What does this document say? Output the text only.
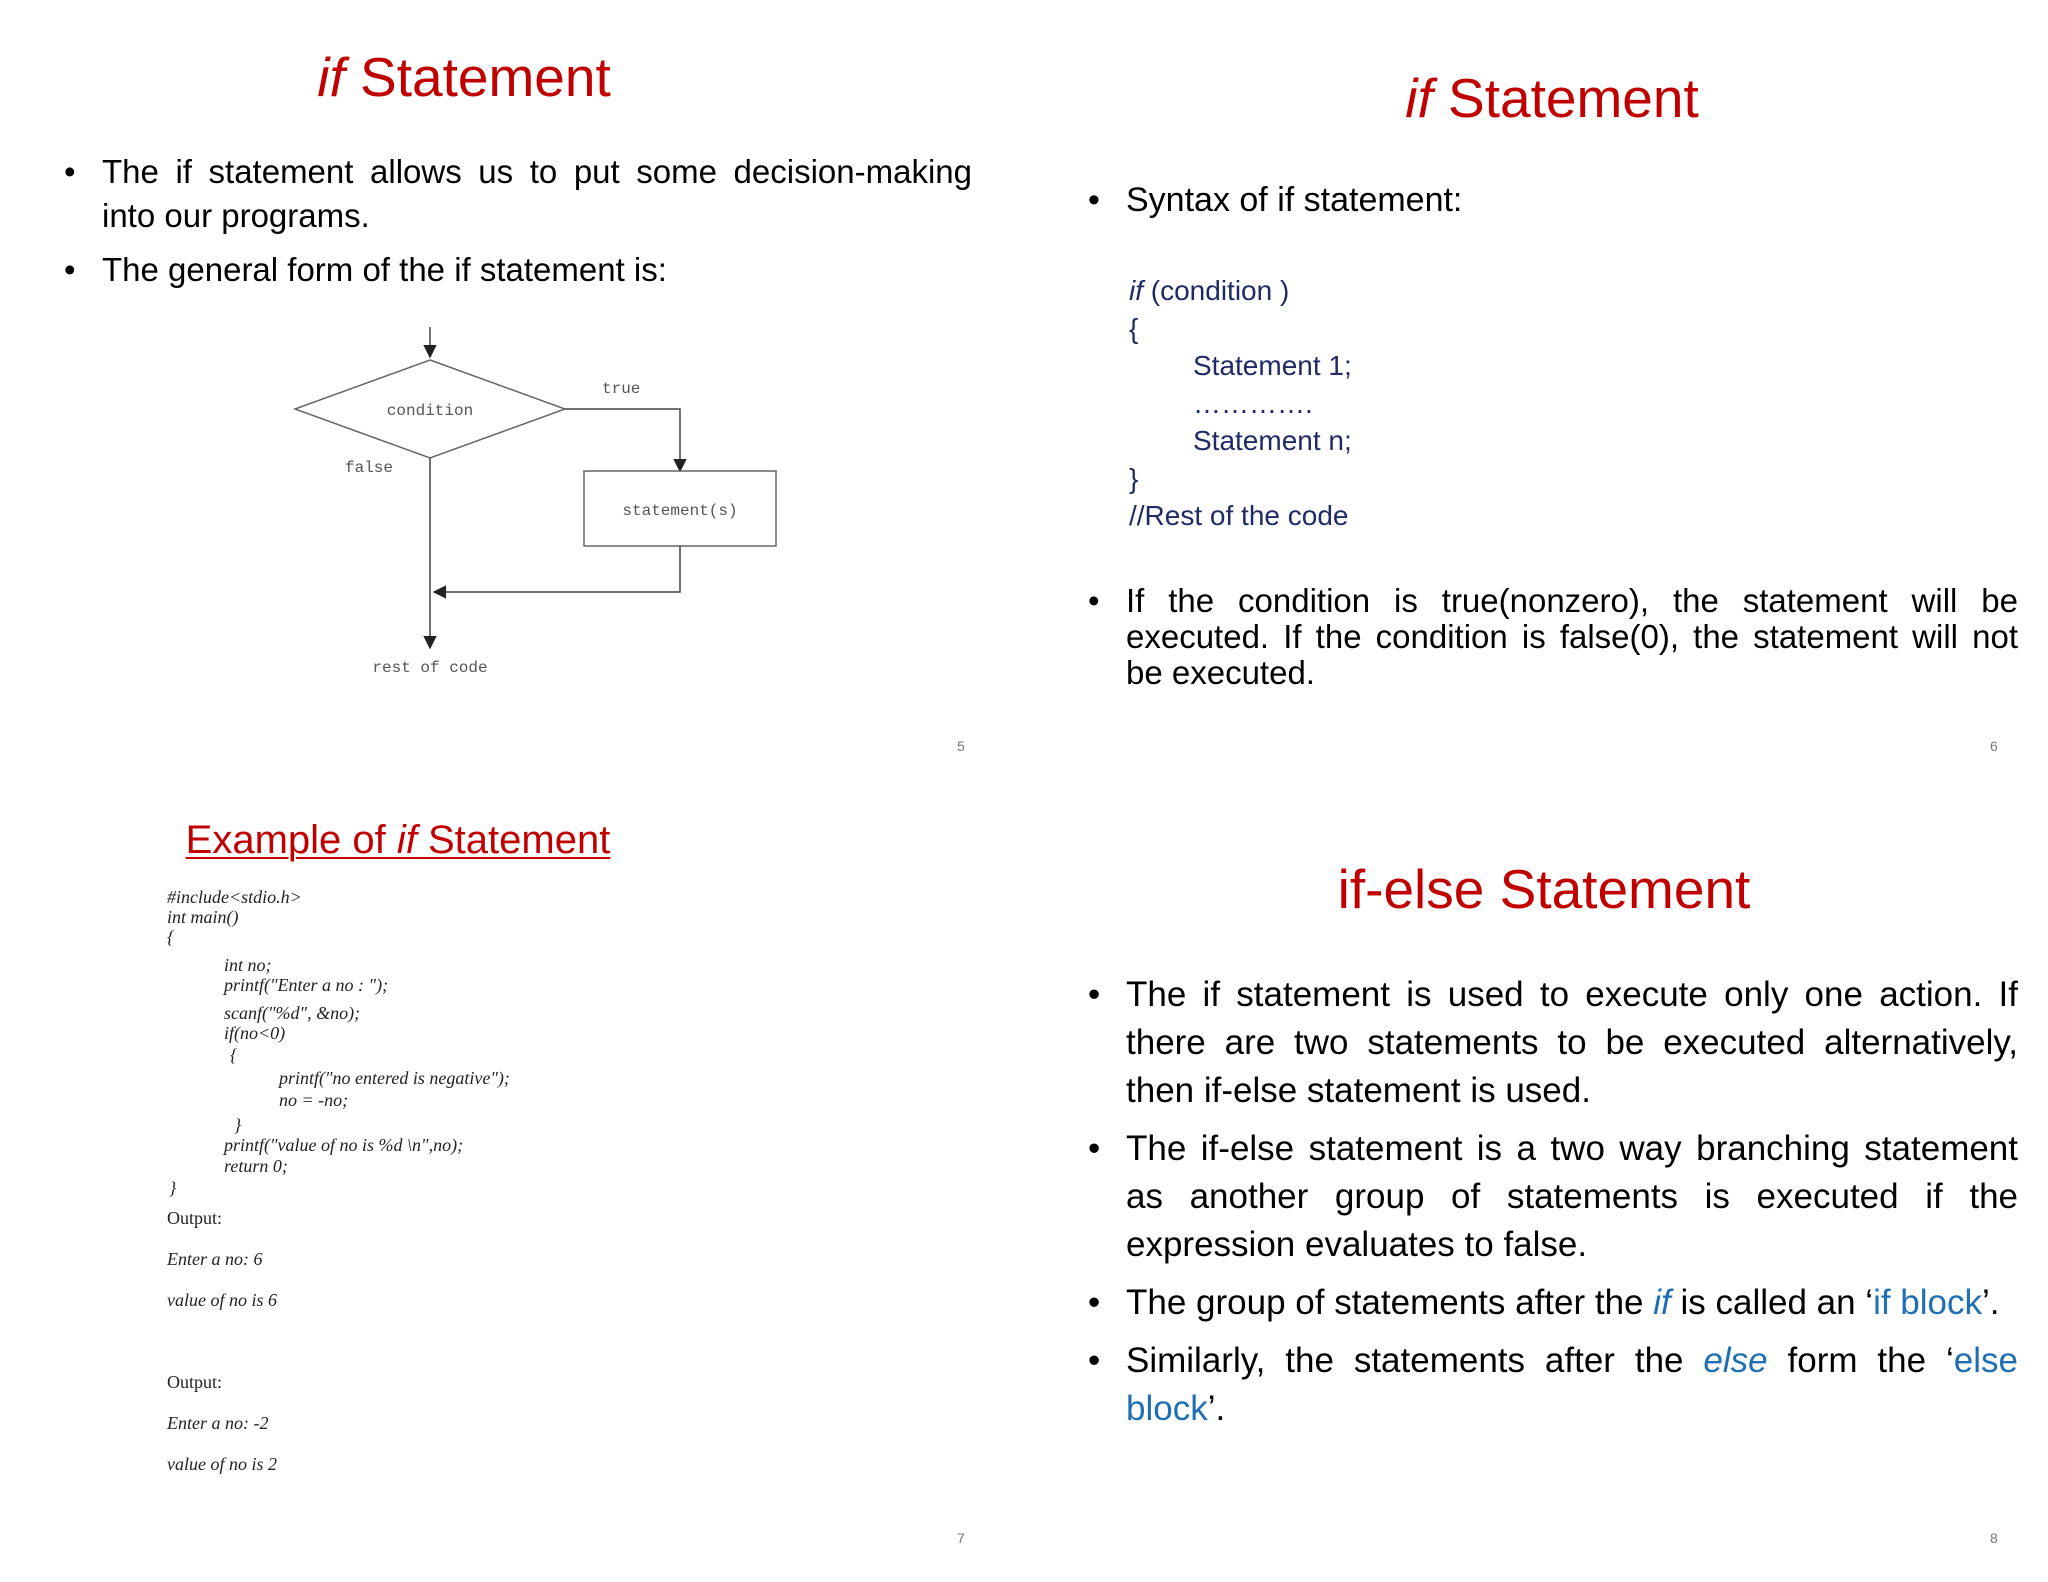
if Statement
• The if statement allows us to put some decision-making into our programs.
• The general form of the if statement is:
condition
true
false
statement(s)
rest of code
5
if Statement
• Syntax of if statement:
if (condition )
{
Statement 1;
………….
Statement n;
}
//Rest of the code
• If the condition is true(nonzero), the statement will be executed. If the condition is false(0), the statement will not be executed.
6
Example of if Statement
#include<stdio.h>
int main()
{
int no;
printf("Enter a no : ");
scanf("%d", &no);
if(no<0)
{
printf("no entered is negative");
no = -no;
}
printf("value of no is %d \n",no);
return 0;
}
Output:
Enter a no: 6
value of no is 6
Output:
Enter a no: -2
value of no is 2
7
if-else Statement
• The if statement is used to execute only one action. If there are two statements to be executed alternatively, then if-else statement is used.
• The if-else statement is a two way branching statement as another group of statements is executed if the expression evaluates to false.
• The group of statements after the if is called an ‘if block’.
• Similarly, the statements after the else form the ‘else block’.
8
